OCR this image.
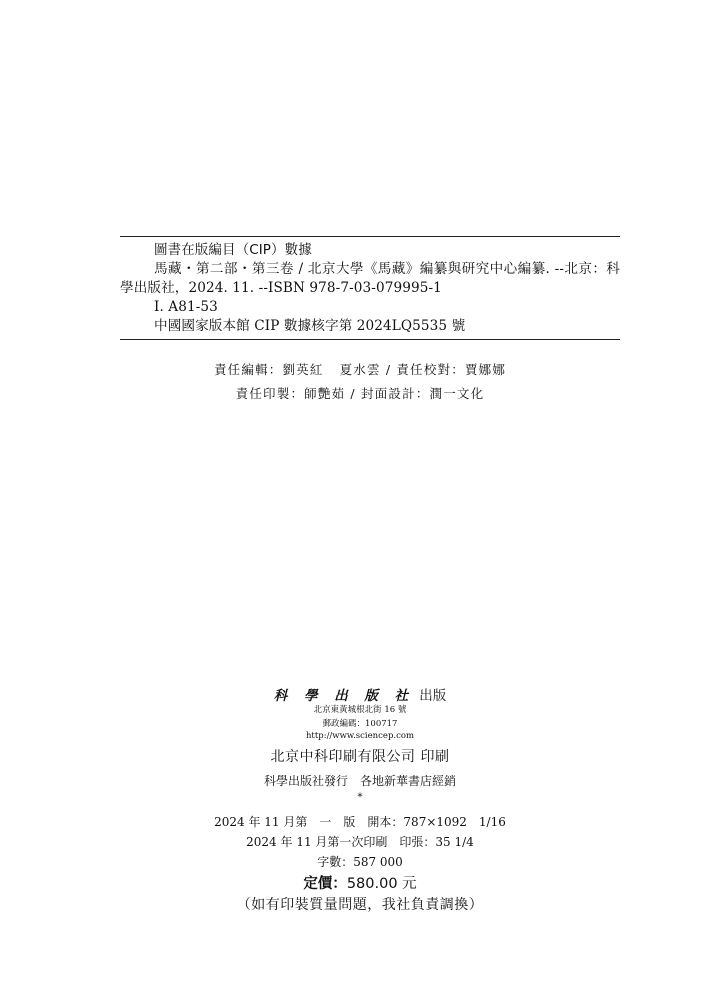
圖書在版編目（CIP）數據
馬藏・第二部・第三卷 / 北京大學《馬藏》編纂與研究中心編纂. --北京：科學出版社，2024. 11. --ISBN 978-7-03-079995-1
Ⅰ. A81-53
中國國家版本館 CIP 數據核字第 2024LQ5535 號
責任編輯：劉英紅 夏水雲 / 責任校對：賈娜娜
責任印製：師艷茹 / 封面設計：潤一文化
科 學 出 版 社 出版
北京東黃城根北街 16 號
郵政編碼：100717
http://www.sciencep.com
北京中科印刷有限公司 印刷
科學出版社發行 各地新華書店經銷
*
2024 年 11 月第 一 版 開本：787×1092 1/16
2024 年 11 月第一次印刷 印張：35 1/4
字數：587 000
定價：580.00 元
（如有印裝質量問題，我社負責調換）
